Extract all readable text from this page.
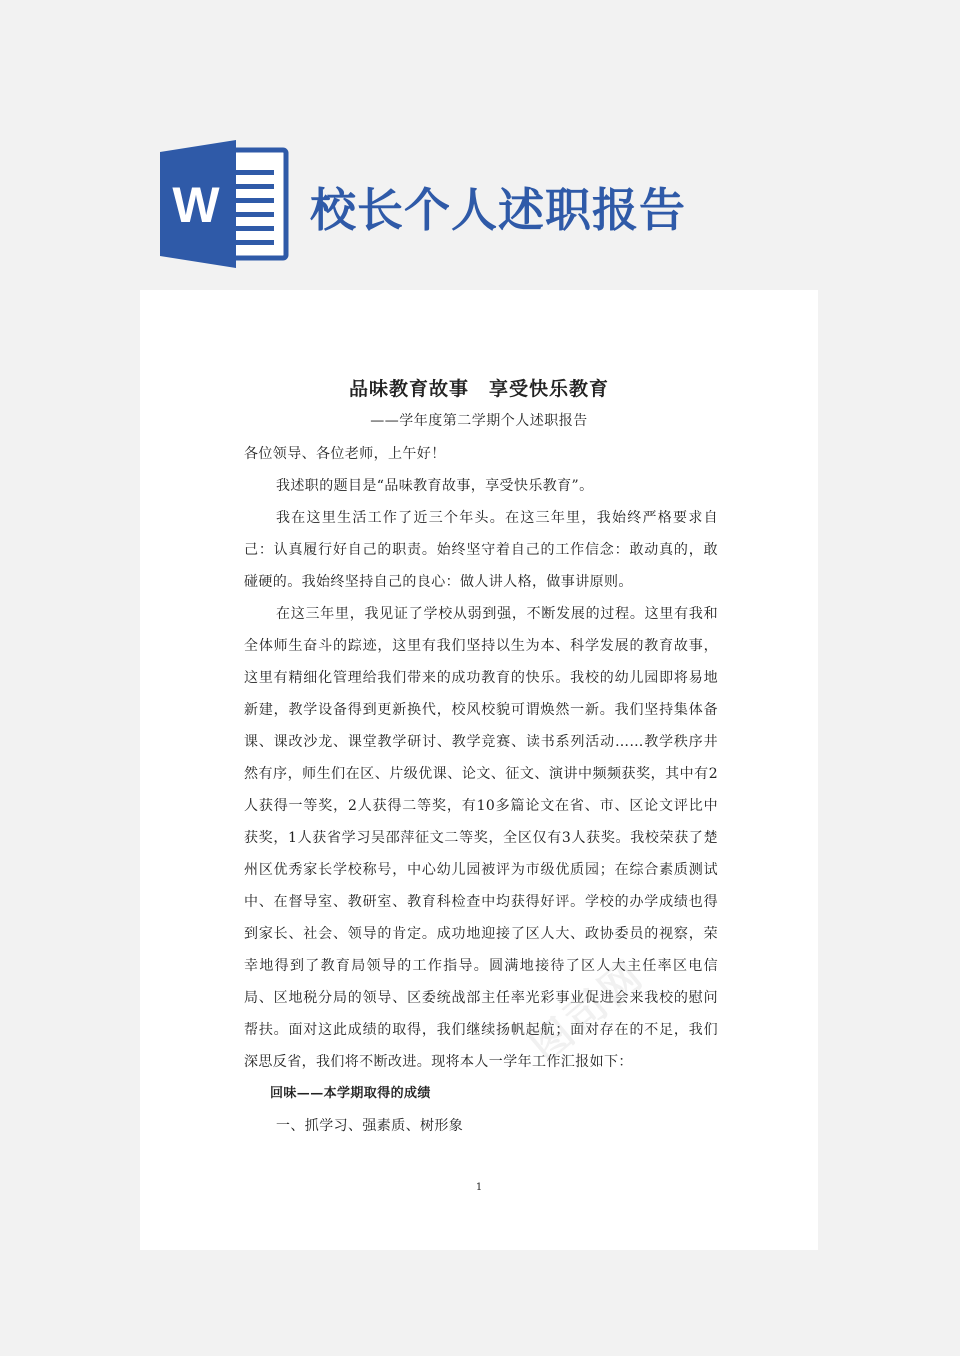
W 校长个人述职报告
品味教育故事　享受快乐教育
——学年度第二学期个人述职报告

各位领导、各位老师，上午好！

我述职的题目是“品味教育故事，享受快乐教育”。

我在这里生活工作了近三个年头。在这三年里，我始终严格要求自己：认真履行好自己的职责。始终坚守着自己的工作信念：敢动真的，敢碰硬的。我始终坚持自己的良心：做人讲人格，做事讲原则。

在这三年里，我见证了学校从弱到强，不断发展的过程。这里有我和全体师生奋斗的踪迹，这里有我们坚持以生为本、科学发展的教育故事，这里有精细化管理给我们带来的成功教育的快乐。我校的幼儿园即将易地新建，教学设备得到更新换代，校风校貌可谓焕然一新。我们坚持集体备课、课改沙龙、课堂教学研讨、教学竞赛、读书系列活动……教学秩序井然有序，师生们在区、片级优课、论文、征文、演讲中频频获奖，其中有2人获得一等奖，2人获得二等奖，有10多篇论文在省、市、区论文评比中获奖，1人获省学习吴邵萍征文二等奖，全区仅有3人获奖。我校荣获了楚州区优秀家长学校称号，中心幼儿园被评为市级优质园；在综合素质测试中、在督导室、教研室、教育科检查中均获得好评。学校的办学成绩也得到家长、社会、领导的肯定。成功地迎接了区人大、政协委员的视察，荣幸地得到了教育局领导的工作指导。圆满地接待了区人大主任率区电信局、区地税分局的领导、区委统战部主任率光彩事业促进会来我校的慰问帮扶。面对这此成绩的取得，我们继续扬帆起航；面对存在的不足，我们深思反省，我们将不断改进。现将本人一学年工作汇报如下：

回味——本学期取得的成绩

一、抓学习、强素质、树形象

图司网
1
